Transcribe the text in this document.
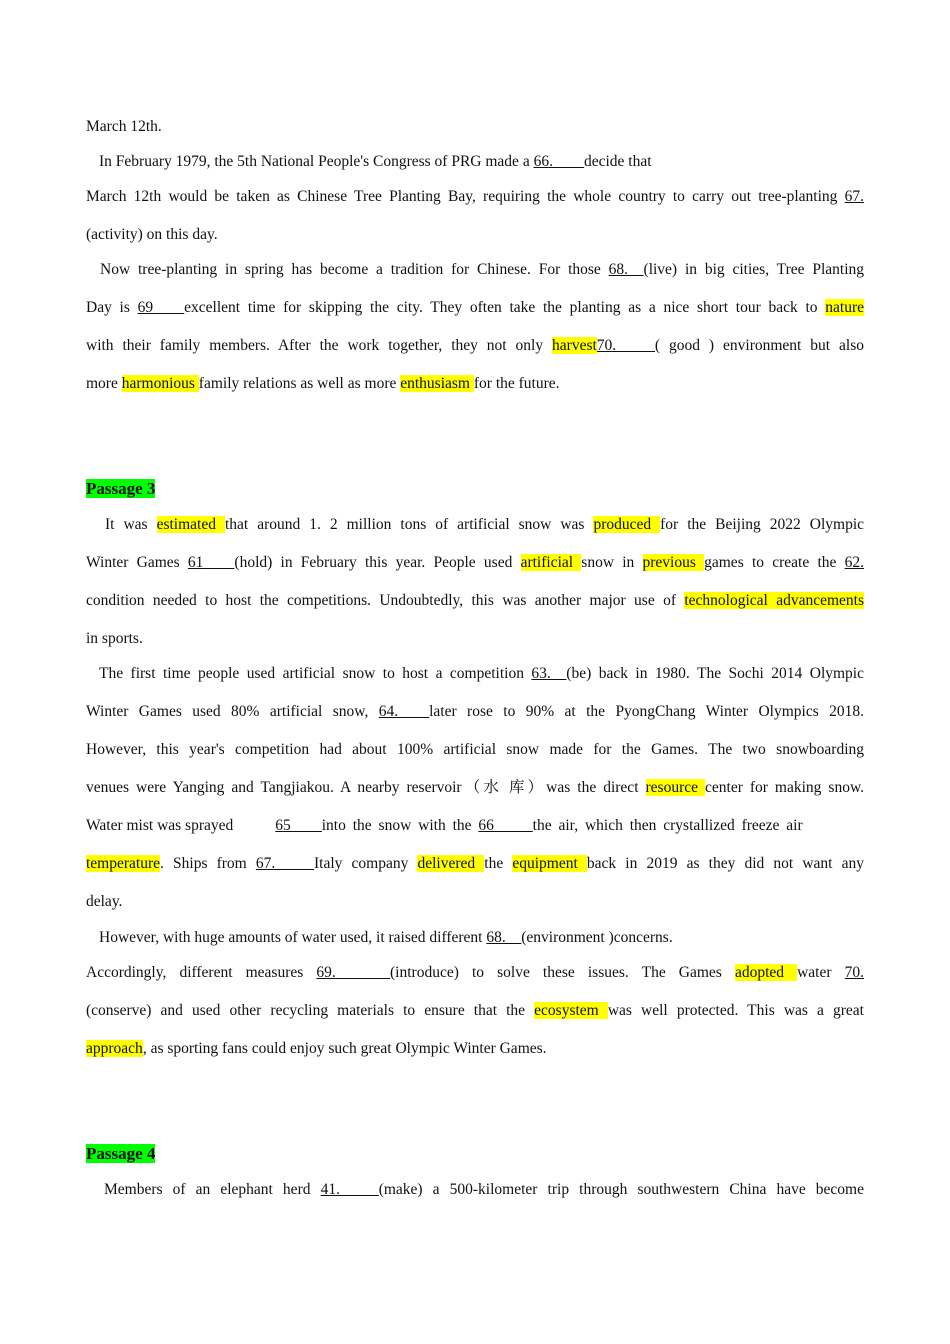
March 12th.
In February 1979, the 5th National People's Congress of PRG made a 66.____decide that
March 12th would be taken as Chinese Tree Planting Bay, requiring the whole country to carry out tree-planting 67.
(activity) on this day.
Now tree-planting in spring has become a tradition for Chinese. For those 68.__(live) in big cities, Tree Planting
Day is 69____excellent time for skipping the city. They often take the planting as a nice short tour back to nature
with their family members. After the work together, they not only harvest70._____( good ) environment but also
more harmonious family relations as well as more enthusiasm for the future.
Passage 3
It was estimated that around 1. 2 million tons of artificial snow was produced for the Beijing 2022 Olympic
Winter Games 61____(hold) in February this year. People used artificial snow in previous games to create the 62.
condition needed to host the competitions. Undoubtedly, this was another major use of technological advancements
in sports.
The first time people used artificial snow to host a competition 63.__(be) back in 1980. The Sochi 2014 Olympic
Winter Games used 80% artificial snow, 64.____later rose to 90% at the PyongChang Winter Olympics 2018.
However, this year's competition had about 100% artificial snow made for the Games. The two snowboarding
venues were Yanging and Tangjiakou. A nearby reservoir（水 库）was the direct resource center for making snow.
Water mist was sprayed	65____into the snow with the 66_____the air, which then crystallized freeze air
temperature. Ships from 67._____Italy company delivered the equipment back in 2019 as they did not want any
delay.
However, with huge amounts of water used, it raised different 68.__(environment )concerns.
Accordingly, different measures 69._______(introduce) to solve these issues. The Games adopted water 70.
(conserve) and used other recycling materials to ensure that the ecosystem was well protected. This was a great
approach, as sporting fans could enjoy such great Olympic Winter Games.
Passage 4
Members of an elephant herd 41._____(make) a 500-kilometer trip through southwestern China have become
